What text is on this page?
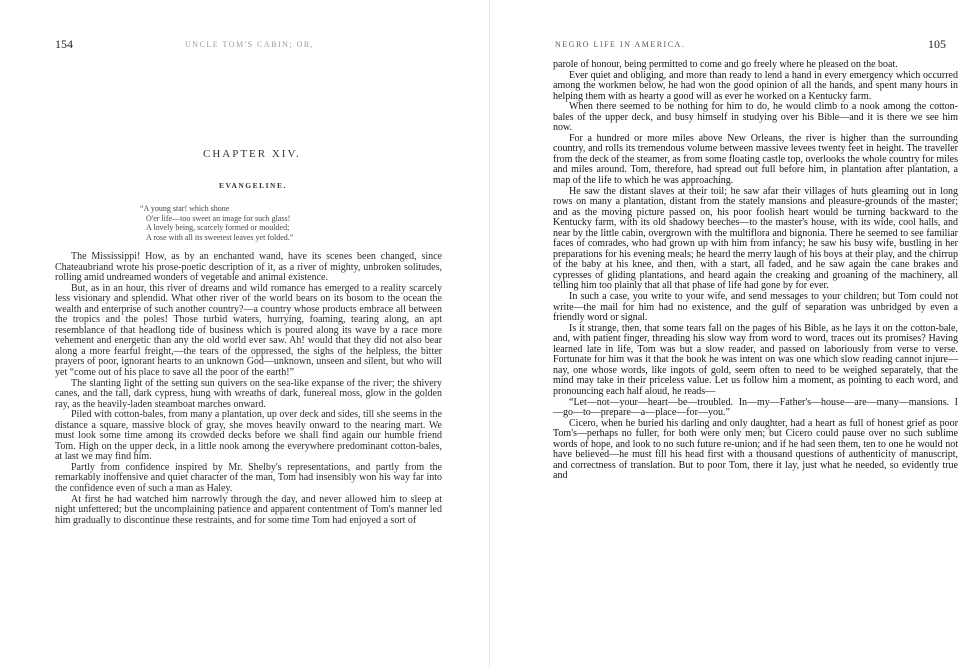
154	UNCLE TOM'S CABIN; OR,
CHAPTER XIV.
EVANGELINE.
“A young star! which shone
O'er life—too sweet an image for such glass!
A lovely being, scarcely formed or moulded;
A rose with all its sweetest leaves yet folded.”

The Mississippi! How, as by an enchanted wand, have its scenes been changed, since Chateaubriand wrote his prose-poetic description of it, as a river of mighty, unbroken solitudes, rolling amid undreamed wonders of vegetable and animal existence.

But, as in an hour, this river of dreams and wild romance has emerged to a reality scarcely less visionary and splendid. What other river of the world bears on its bosom to the ocean the wealth and enterprise of such another country?—a country whose products embrace all between the tropics and the poles! Those turbid waters, hurrying, foaming, tearing along, an apt resemblance of that headlong tide of business which is poured along its wave by a race more vehement and energetic than any the old world ever saw. Ah! would that they did not also bear along a more fearful freight,—the tears of the oppressed, the sighs of the helpless, the bitter prayers of poor, ignorant hearts to an unknown God—unknown, unseen and silent, but who will yet “come out of his place to save all the poor of the earth!”

The slanting light of the setting sun quivers on the sea-like expanse of the river; the shivery canes, and the tall, dark cypress, hung with wreaths of dark, funereal moss, glow in the golden ray, as the heavily-laden steamboat marches onward.

Piled with cotton-bales, from many a plantation, up over deck and sides, till she seems in the distance a square, massive block of gray, she moves heavily onward to the nearing mart. We must look some time among its crowded decks before we shall find again our humble friend Tom. High on the upper deck, in a little nook among the everywhere predominant cotton-bales, at last we may find him.

Partly from confidence inspired by Mr. Shelby's representations, and partly from the remarkably inoffensive and quiet character of the man, Tom had insensibly won his way far into the confidence even of such a man as Haley.

At first he had watched him narrowly through the day, and never allowed him to sleep at night unfettered; but the uncomplaining patience and apparent contentment of Tom's manner led him gradually to discontinue these restraints, and for some time Tom had enjoyed a sort of

NEGRO LIFE IN AMERICA.	105

parole of honour, being permitted to come and go freely where he pleased on the boat.

Ever quiet and obliging, and more than ready to lend a hand in every emergency which occurred among the workmen below, he had won the good opinion of all the hands, and spent many hours in helping them with as hearty a good will as ever he worked on a Kentucky farm.

When there seemed to be nothing for him to do, he would climb to a nook among the cotton-bales of the upper deck, and busy himself in studying over his Bible—and it is there we see him now.

For a hundred or more miles above New Orleans, the river is higher than the surrounding country, and rolls its tremendous volume between massive levees twenty feet in height. The traveller from the deck of the steamer, as from some floating castle top, overlooks the whole country for miles and miles around. Tom, therefore, had spread out full before him, in plantation after plantation, a map of the life to which he was approaching.

He saw the distant slaves at their toil; he saw afar their villages of huts gleaming out in long rows on many a plantation, distant from the stately mansions and pleasure-grounds of the master; and as the moving picture passed on, his poor foolish heart would be turning backward to the Kentucky farm, with its old shadowy beeches—to the master's house, with its wide, cool halls, and near by the little cabin, overgrown with the multiflora and bignonia. There he seemed to see familiar faces of comrades, who had grown up with him from infancy; he saw his busy wife, bustling in her preparations for his evening meals; he heard the merry laugh of his boys at their play, and the chirrup of the baby at his knee, and then, with a start, all faded, and he saw again the cane brakes and cypresses of gliding plantations, and heard again the creaking and groaning of the machinery, all telling him too plainly that all that phase of life had gone by for ever.

In such a case, you write to your wife, and send messages to your children; but Tom could not write—the mail for him had no existence, and the gulf of separation was unbridged by even a friendly word or signal.

Is it strange, then, that some tears fall on the pages of his Bible, as he lays it on the cotton-bale, and, with patient finger, threading his slow way from word to word, traces out its promises? Having learned late in life, Tom was but a slow reader, and passed on laboriously from verse to verse. Fortunate for him was it that the book he was intent on was one which slow reading cannot injure—nay, one whose words, like ingots of gold, seem often to need to be weighed separately, that the mind may take in their priceless value. Let us follow him a moment, as pointing to each word, and pronouncing each half aloud, he reads—

“Let—not—your—heart—be—troubled. In—my—Father's—house—are—many—mansions. I—go—to—prepare—a—place—for—you.”

Cicero, when he buried his darling and only daughter, had a heart as full of honest grief as poor Tom's—perhaps no fuller, for both were only men; but Cicero could pause over no such sublime words of hope, and look to no such future re-union; and if he had seen them, ten to one he would not have believed—he must fill his head first with a thousand questions of authenticity of manuscript, and correctness of translation. But to poor Tom, there it lay, just what he needed, so evidently true and
